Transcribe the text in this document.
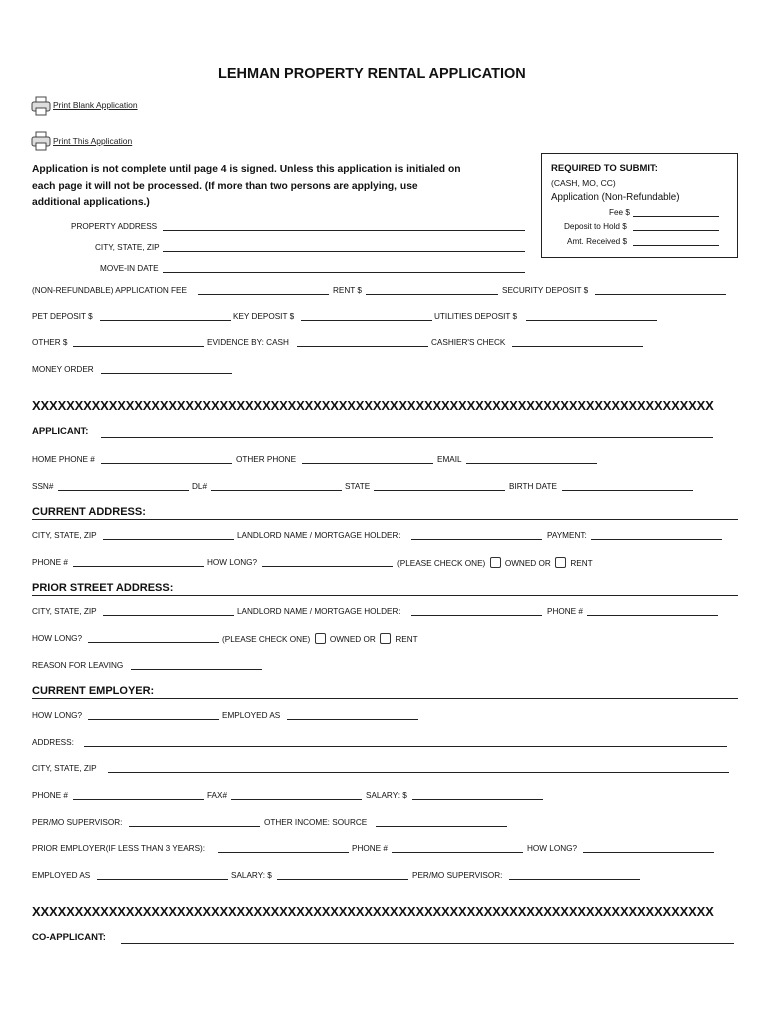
LEHMAN PROPERTY RENTAL APPLICATION
Print Blank Application
Print This Application
Application is not complete until page 4 is signed. Unless this application is initialed on
each page it will not be processed. (If more than two persons are applying, use
additional applications.)
REQUIRED TO SUBMIT:
(CASH, MO, CC)
Application (Non-Refundable)
Fee $
Deposit to Hold $
Amt. Received $
PROPERTY ADDRESS
CITY, STATE, ZIP
MOVE-IN DATE
(NON-REFUNDABLE) APPLICATION FEE	RENT $	SECURITY DEPOSIT $
PET DEPOSIT $	KEY DEPOSIT $	UTILITIES DEPOSIT $
OTHER $	EVIDENCE BY: CASH	CASHIER'S CHECK
MONEY ORDER
XXXXXXXXXXXXXXXXXXXXXXXXXXXXXXXXXXXXXXXXXXXXXXXXXXXXXXXXXXXXXXXXXXXXXXXXXXXXXXXX
APPLICANT:
HOME PHONE #	OTHER PHONE	EMAIL
SSN#	DL#	STATE	BIRTH DATE
CURRENT ADDRESS:
CITY, STATE, ZIP	LANDLORD NAME / MORTGAGE HOLDER:	PAYMENT:
PHONE #	HOW LONG?	(PLEASE CHECK ONE) OWNED OR RENT
PRIOR STREET ADDRESS:
CITY, STATE, ZIP	LANDLORD NAME / MORTGAGE HOLDER:	PHONE #
HOW LONG?	(PLEASE CHECK ONE) OWNED OR RENT
REASON FOR LEAVING
CURRENT EMPLOYER:
HOW LONG?	EMPLOYED AS
ADDRESS:
CITY, STATE, ZIP
PHONE #	FAX#	SALARY: $
PER/MO SUPERVISOR:	OTHER INCOME: SOURCE
PRIOR EMPLOYER(IF LESS THAN 3 YEARS):	PHONE #	HOW LONG?
EMPLOYED AS	SALARY: $	PER/MO SUPERVISOR:
XXXXXXXXXXXXXXXXXXXXXXXXXXXXXXXXXXXXXXXXXXXXXXXXXXXXXXXXXXXXXXXXXXXXXXXXXXXXXXXX
CO-APPLICANT:
